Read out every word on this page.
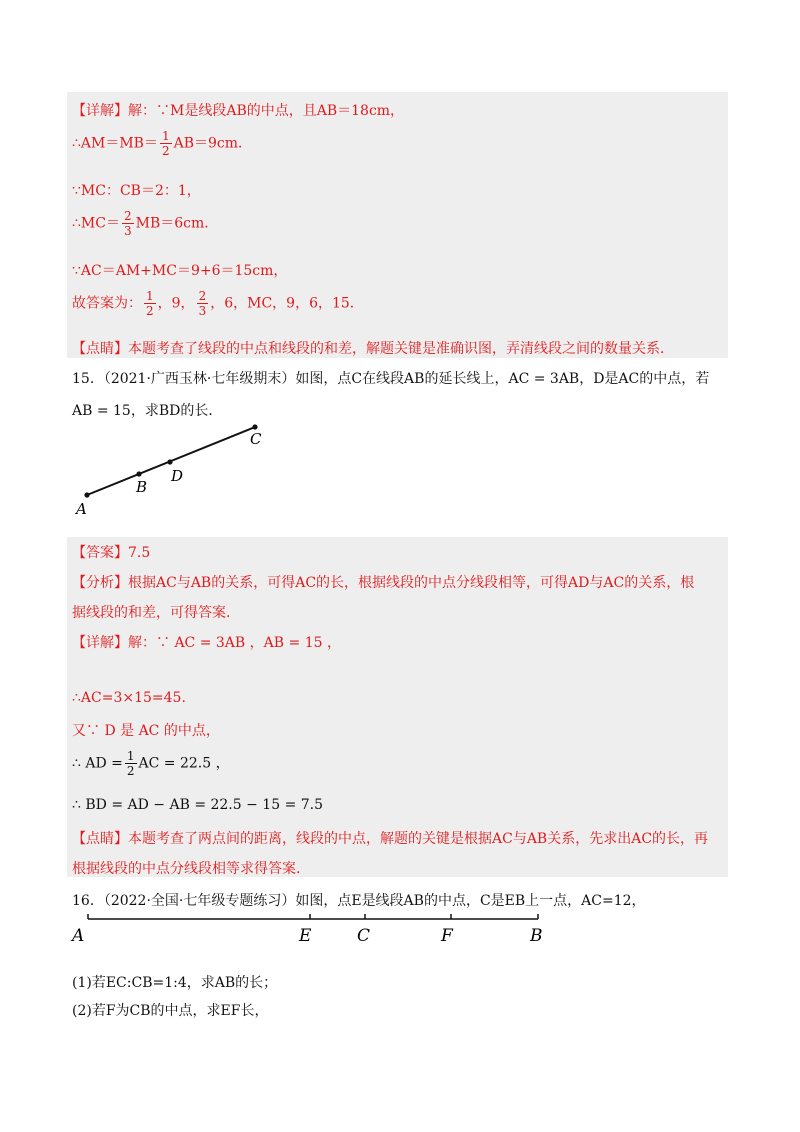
【详解】解：∵M是线段AB的中点，且AB＝18cm，
∴AM＝MB＝ $\frac{1}{2} AB=9cm$．
∵MC：CB＝2：1，
∴MC＝ $\frac{2}{3} MB=6cm$．
∵AC＝AM+MC＝9+6＝15cm，
故答案为： $\frac{1}{2}$ ，9， $\frac{2}{3}$ ，6，MC，9，6，15．
【点睛】本题考查了线段的中点和线段的和差，解题关键是准确识图，弄清线段之间的数量关系．
15．（2021·广西玉林·七年级期末）如图，点C在线段AB的延长线上，AC = 3AB，D是AC的中点，若
AB = 15，求BD的长．
A
B
D
C
【答案】7.5
【分析】根据AC与AB的关系，可得AC的长，根据线段的中点分线段相等，可得AD与AC的关系，根
据线段的和差，可得答案.
【详解】解：∵ AC = 3AB ，AB = 15 ，
∴AC=3×15=45.
又∵ D 是 AC 的中点，
∴ AD = $\frac{1}{2}$ AC = 22.5 ，
∴ BD = AD − AB = 22.5 − 15 = 7.5
【点睛】本题考查了两点间的距离，线段的中点，解题的关键是根据AC与AB关系，先求出AC的长，再
根据线段的中点分线段相等求得答案.
16．（2022·全国·七年级专题练习）如图，点E是线段AB的中点，C是EB上一点，AC=12，
A	E	C	F	B
(1)若EC:CB=1:4，求AB的长；
(2)若F为CB的中点，求EF长，
